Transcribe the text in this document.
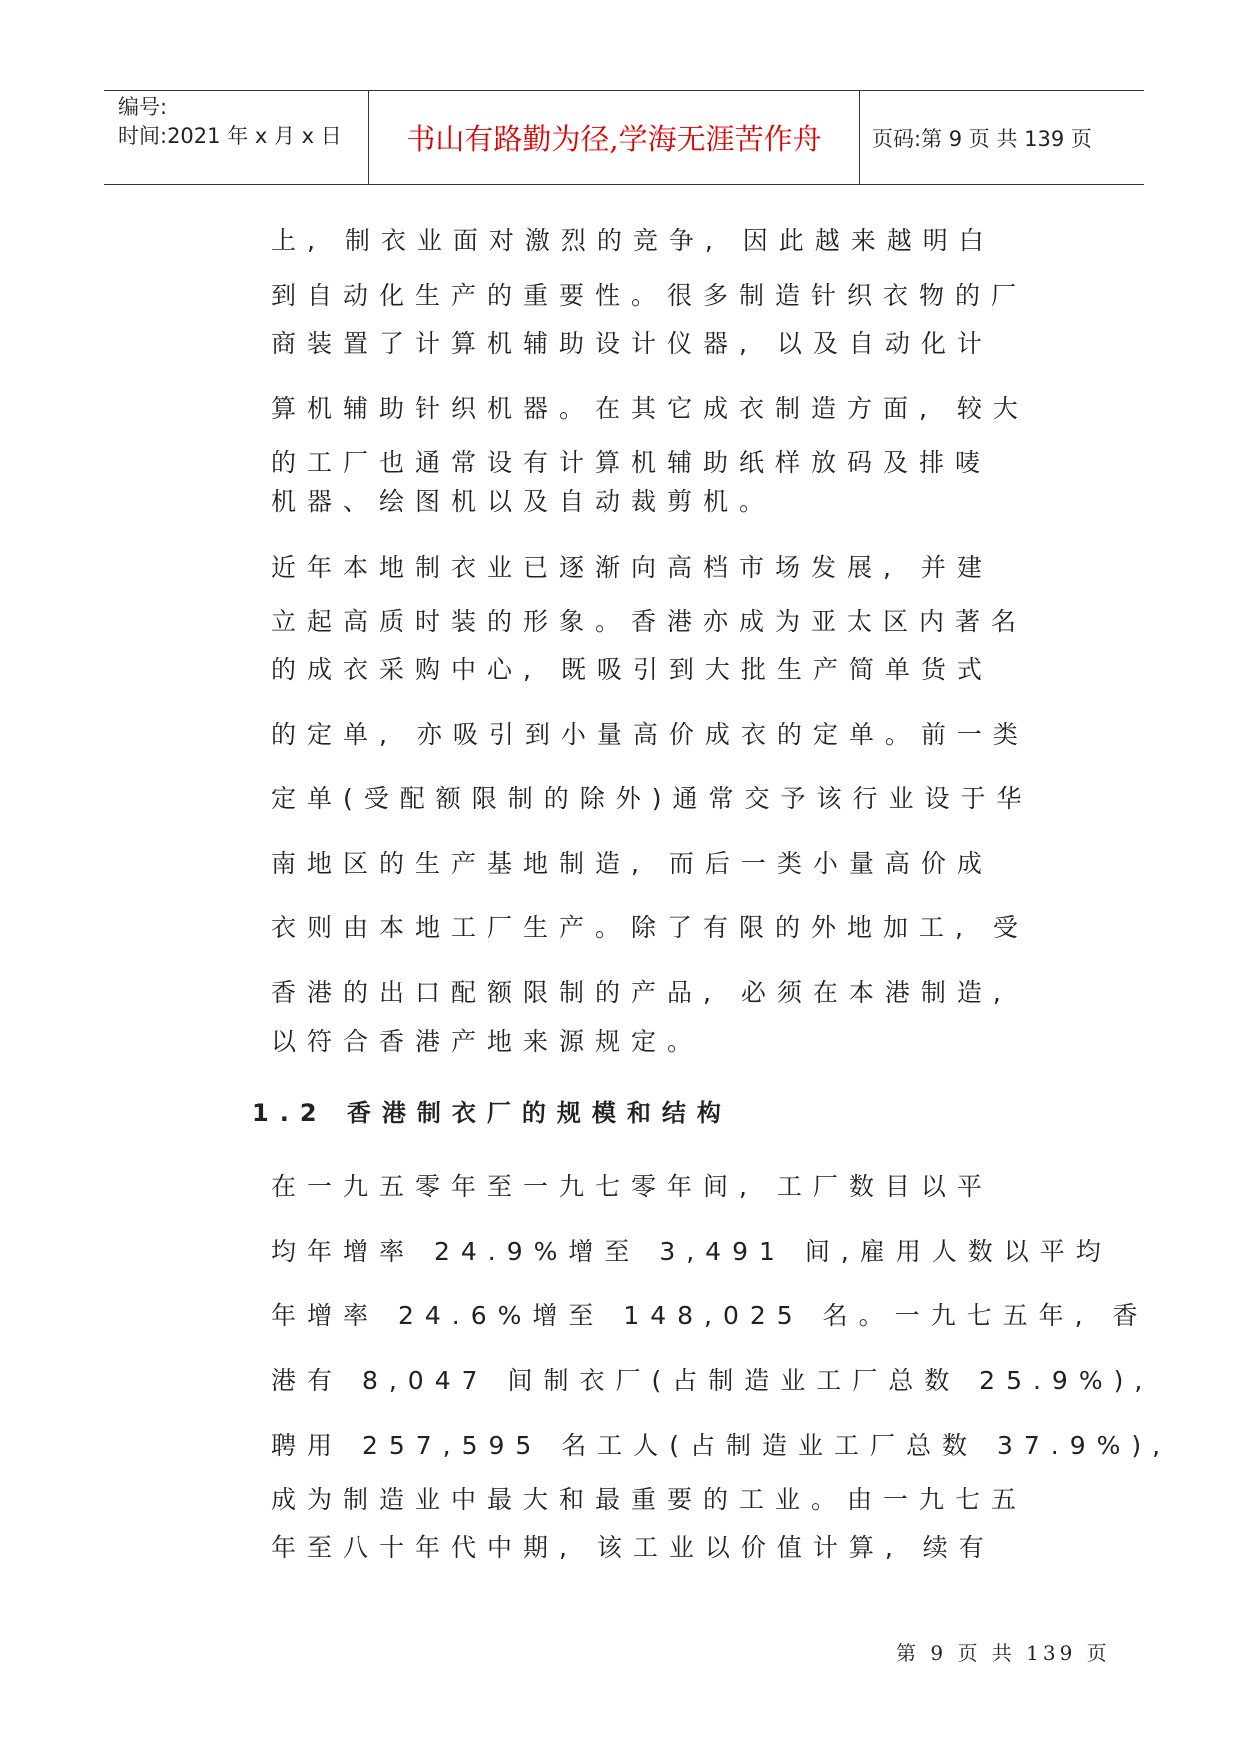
编号:
时间:2021 年 x 月 x 日	书山有路勤为径,学海无涯苦作舟	页码:第 9 页 共 139 页
上, 制衣业面对激烈的竞争, 因此越来越明白
到自动化生产的重要性。很多制造针织衣物的厂
商装置了计算机辅助设计仪器, 以及自动化计
算机辅助针织机器。在其它成衣制造方面, 较大
的工厂也通常设有计算机辅助纸样放码及排唛
机器、绘图机以及自动裁剪机。
近年本地制衣业已逐渐向高档市场发展, 并建
立起高质时装的形象。香港亦成为亚太区内著名
的成衣采购中心, 既吸引到大批生产简单货式
的定单, 亦吸引到小量高价成衣的定单。前一类
定单(受配额限制的除外)通常交予该行业设于华
南地区的生产基地制造, 而后一类小量高价成
衣则由本地工厂生产。除了有限的外地加工, 受
香港的出口配额限制的产品, 必须在本港制造,
以符合香港产地来源规定。
1.2 香港制衣厂的规模和结构
在一九五零年至一九七零年间, 工厂数目以平
均年增率 24.9%增至 3,491 间,雇用人数以平均
年增率 24.6%增至 148,025 名。一九七五年, 香
港有 8,047 间制衣厂(占制造业工厂总数 25.9%),
聘用 257,595 名工人(占制造业工厂总数 37.9%),
成为制造业中最大和最重要的工业。由一九七五
年至八十年代中期, 该工业以价值计算, 续有
第 9 页 共 139 页
